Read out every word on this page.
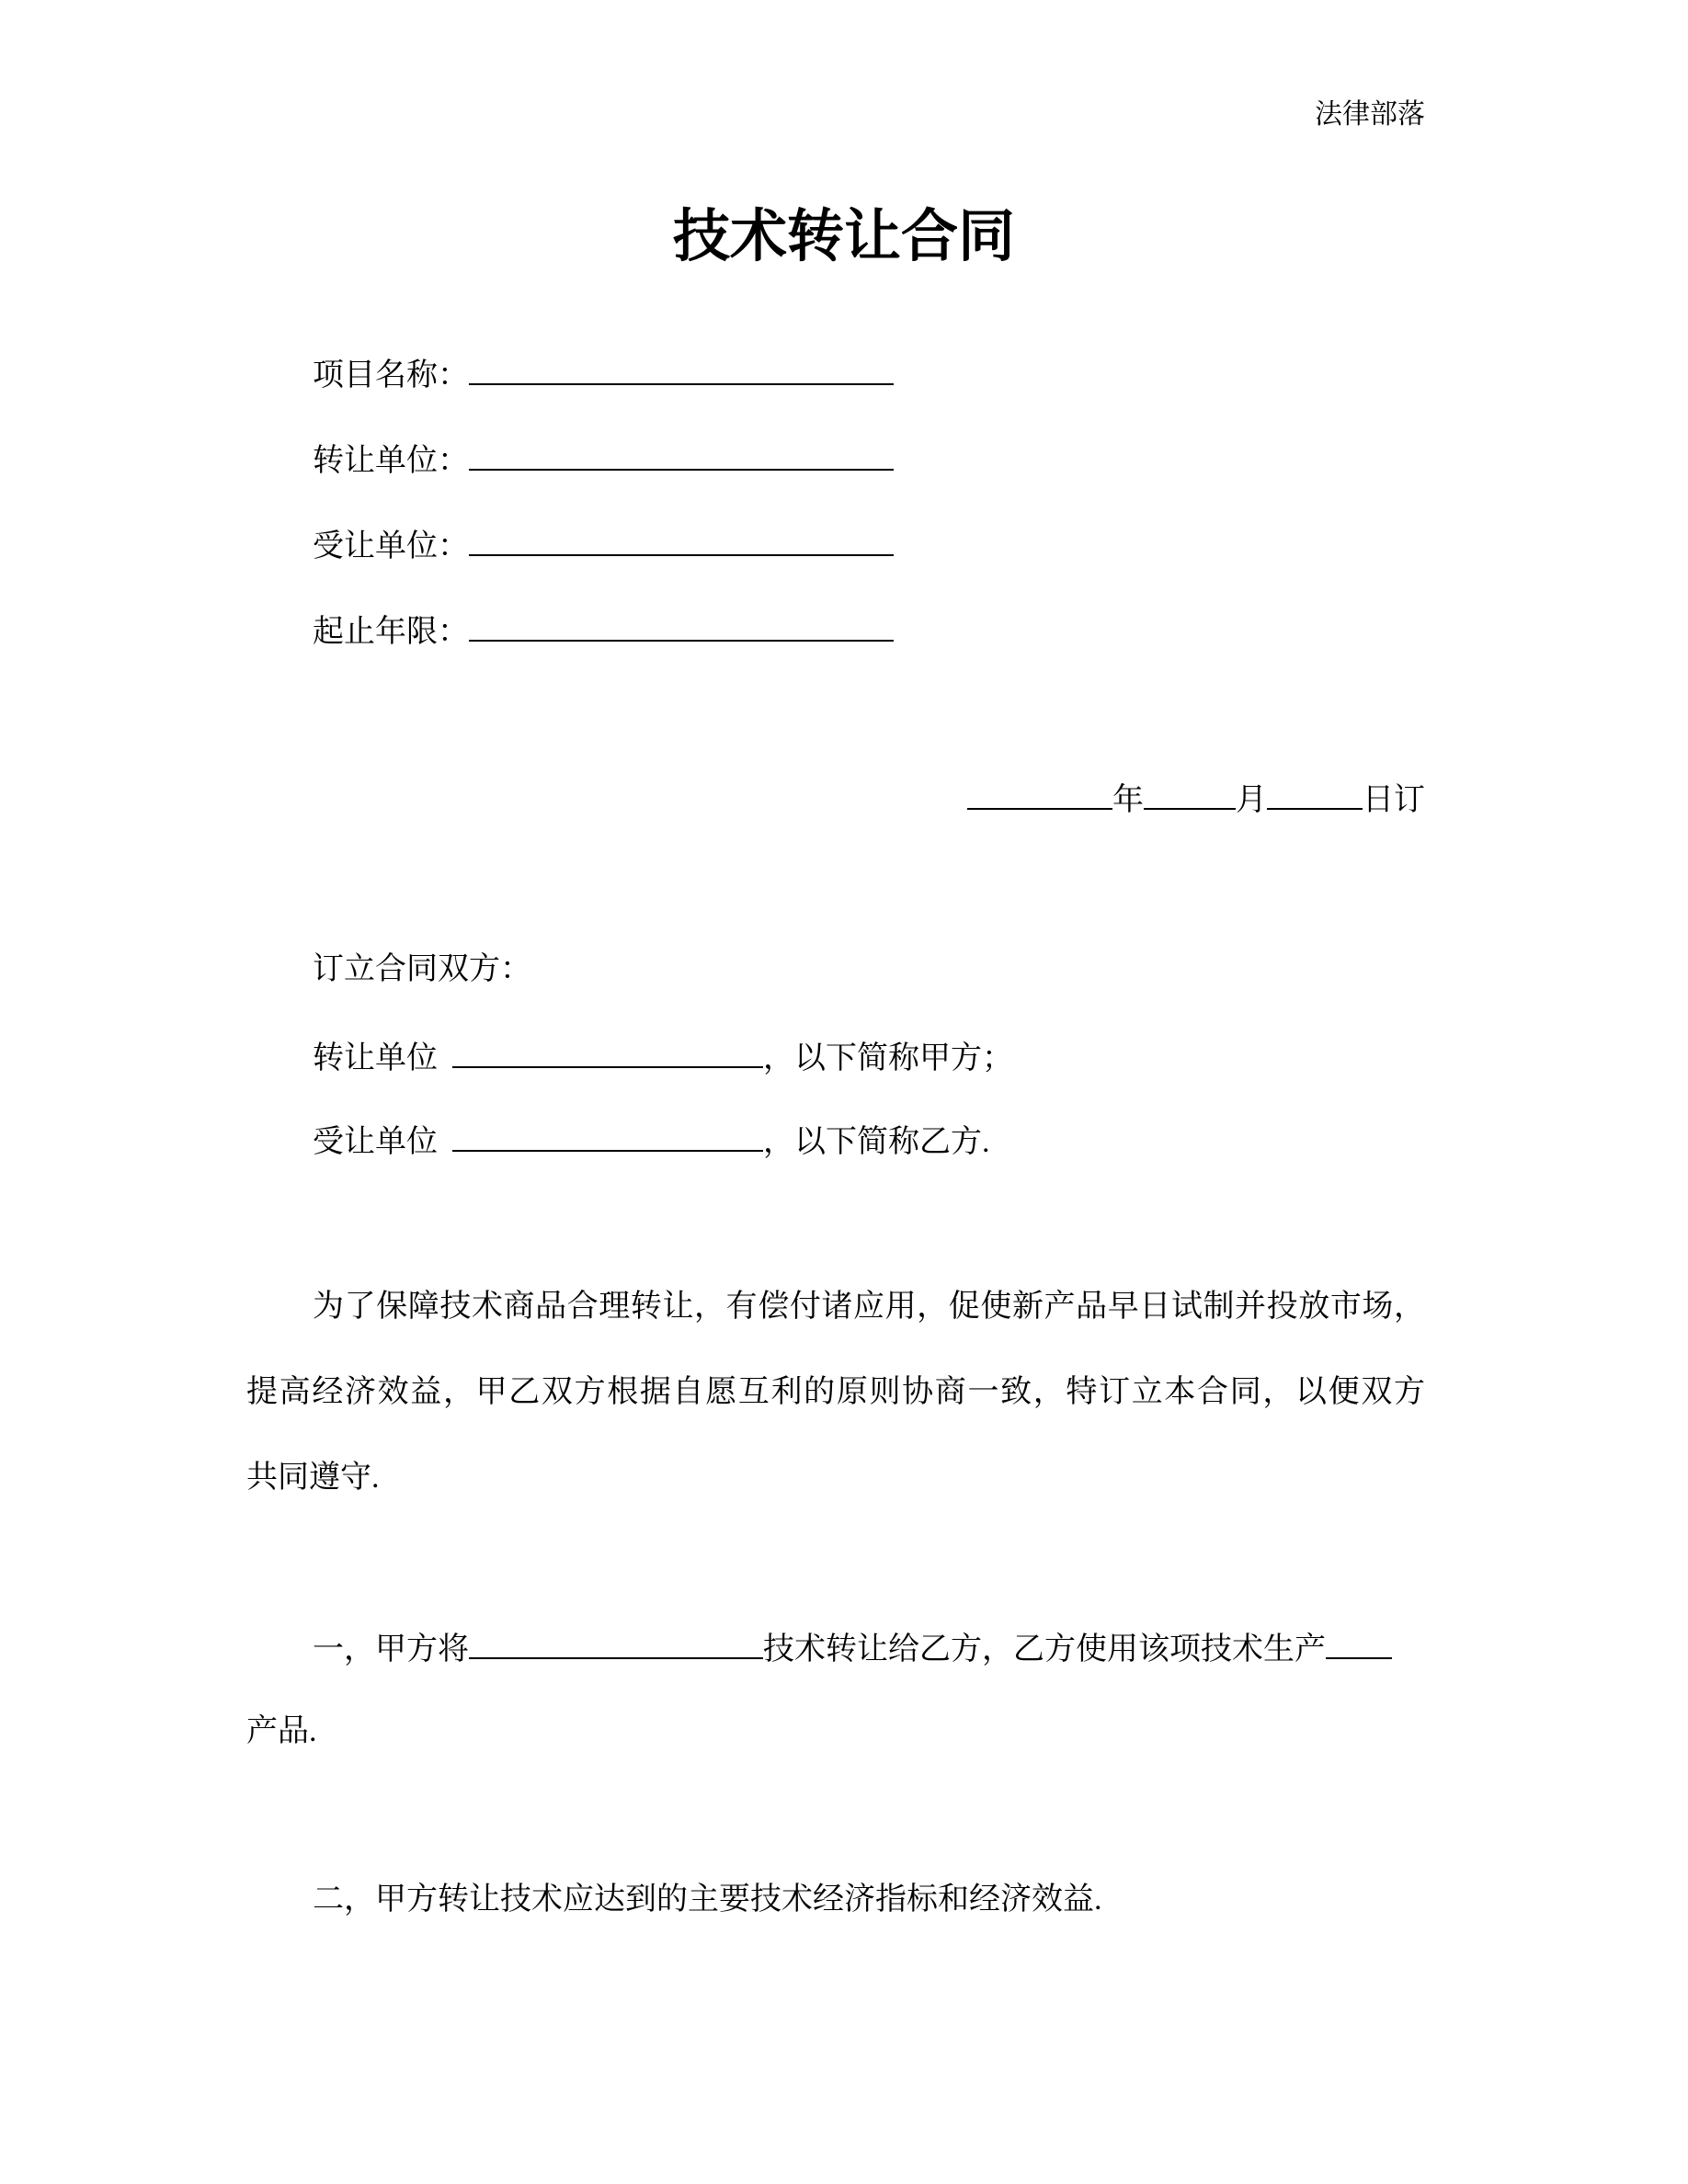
法律部落
技术转让合同
项目名称：
转让单位：
受让单位：
起止年限：
年	月	日订
订立合同双方：
转让单位	，以下简称甲方；
受让单位	，以下简称乙方.
为了保障技术商品合理转让，有偿付诸应用，促使新产品早日试制并投放市场，
提高经济效益，甲乙双方根据自愿互利的原则协商一致，特订立本合同，以便双方
共同遵守.
一，甲方将	技术转让给乙方，乙方使用该项技术生产
产品.
二，甲方转让技术应达到的主要技术经济指标和经济效益.
